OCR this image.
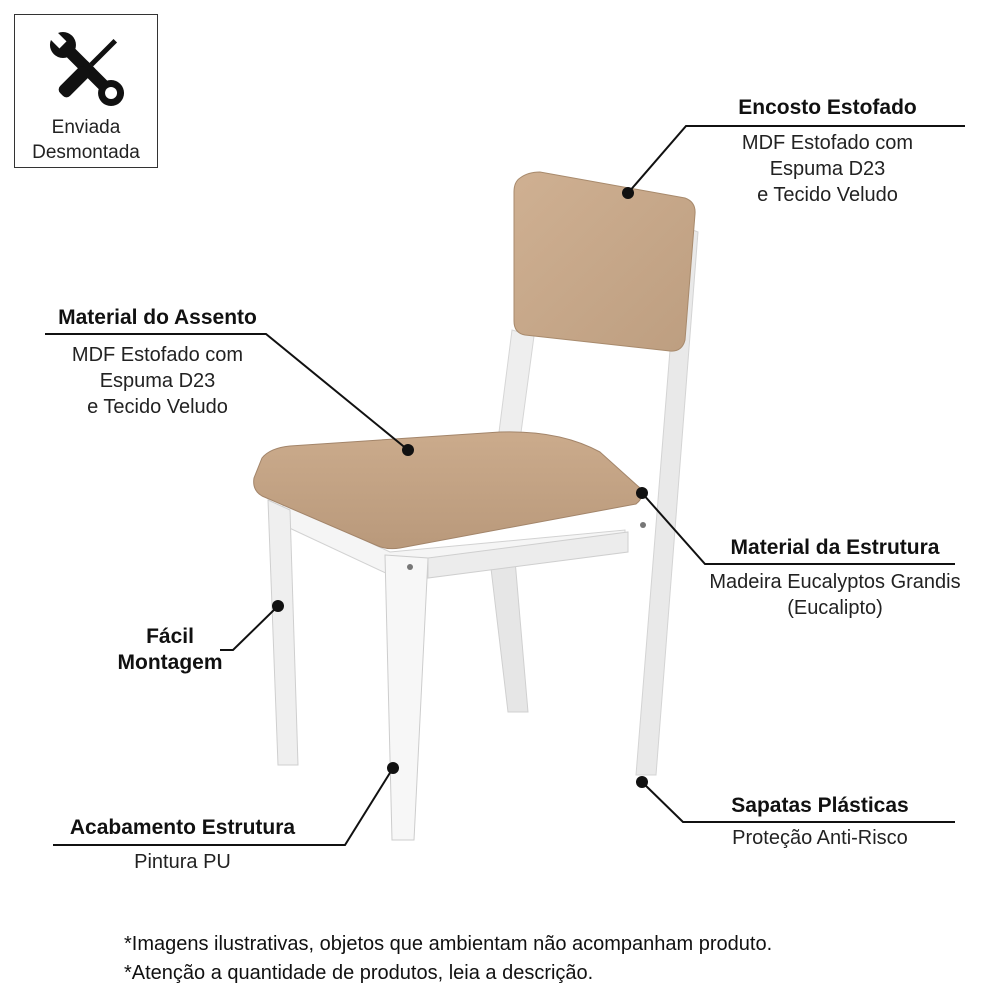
Enviada
Desmontada
Encosto Estofado
MDF Estofado com
Espuma D23
e Tecido Veludo
Material do Assento
MDF Estofado com
Espuma D23
e Tecido Veludo
Material da Estrutura
Madeira Eucalyptos Grandis
(Eucalipto)
Fácil
Montagem
Sapatas Plásticas
Proteção Anti-Risco
Acabamento Estrutura
Pintura PU
*Imagens ilustrativas, objetos que ambientam não acompanham produto.
*Atenção a quantidade de produtos, leia a descrição.
